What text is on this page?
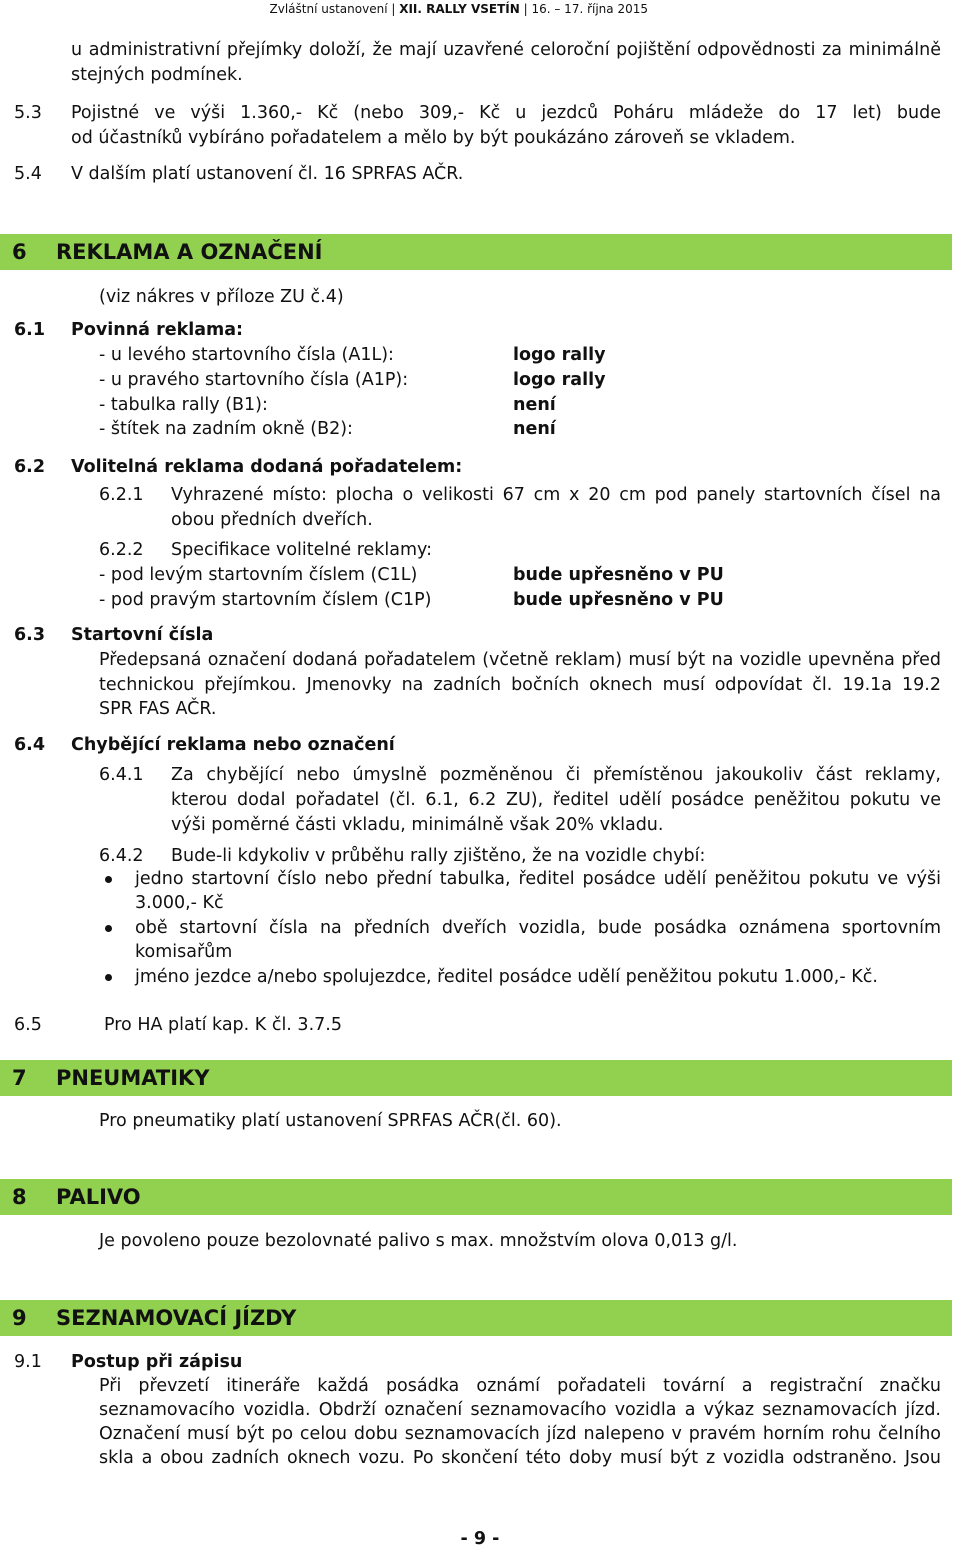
Zvláštní ustanovení | XII. RALLY VSETÍN | 16. – 17. října 2015
u administrativní přejímky doloží, že mají uzavřené celoroční pojištění odpovědnosti za minimálně
stejných podmínek.
5.3 Pojistné ve výši 1.360,- Kč (nebo 309,- Kč u jezdců Poháru mládeže do 17 let) bude
od účastníků vybíráno pořadatelem a mělo by být poukázáno zároveň se vkladem.
5.4 V dalším platí ustanovení čl. 16 SPRFAS AČR.
6 REKLAMA A OZNAČENÍ
(viz nákres v příloze ZU č.4)
6.1 Povinná reklama:
- u levého startovního čísla (A1L):	logo rally
- u pravého startovního čísla (A1P):	logo rally
- tabulka rally (B1):	není
- štítek na zadním okně (B2):	není
6.2 Volitelná reklama dodaná pořadatelem:
6.2.1 Vyhrazené místo: plocha o velikosti 67 cm x 20 cm pod panely startovních čísel na
obou předních dveřích.
6.2.2 Specifikace volitelné reklamy:
- pod levým startovním číslem (C1L)	bude upřesněno v PU
- pod pravým startovním číslem (C1P)	bude upřesněno v PU
6.3 Startovní čísla
Předepsaná označení dodaná pořadatelem (včetně reklam) musí být na vozidle upevněna před
technickou přejímkou. Jmenovky na zadních bočních oknech musí odpovídat čl. 19.1a 19.2
SPR FAS AČR.
6.4 Chybějící reklama nebo označení
6.4.1 Za chybějící nebo úmyslně pozměněnou či přemístěnou jakoukoliv část reklamy,
kterou dodal pořadatel (čl. 6.1, 6.2 ZU), ředitel udělí posádce peněžitou pokutu ve
výši poměrné části vkladu, minimálně však 20% vkladu.
6.4.2 Bude-li kdykoliv v průběhu rally zjištěno, že na vozidle chybí:
jedno startovní číslo nebo přední tabulka, ředitel posádce udělí peněžitou pokutu ve výši
3.000,- Kč
obě startovní čísla na předních dveřích vozidla, bude posádka oznámena sportovním
komisařům
jméno jezdce a/nebo spolujezdce, ředitel posádce udělí peněžitou pokutu 1.000,- Kč.
6.5	Pro HA platí kap. K čl. 3.7.5
7 PNEUMATIKY
Pro pneumatiky platí ustanovení SPRFAS AČR(čl. 60).
8 PALIVO
Je povoleno pouze bezolovnaté palivo s max. množstvím olova 0,013 g/l.
9 SEZNAMOVACÍ JÍZDY
9.1 Postup při zápisu
Při převzetí itineráře každá posádka oznámí pořadateli tovární a registrační značku
seznamovacího vozidla. Obdrží označení seznamovacího vozidla a výkaz seznamovacích jízd.
Označení musí být po celou dobu seznamovacích jízd nalepeno v pravém horním rohu čelního
skla a obou zadních oknech vozu. Po skončení této doby musí být z vozidla odstraněno. Jsou
- 9 -
